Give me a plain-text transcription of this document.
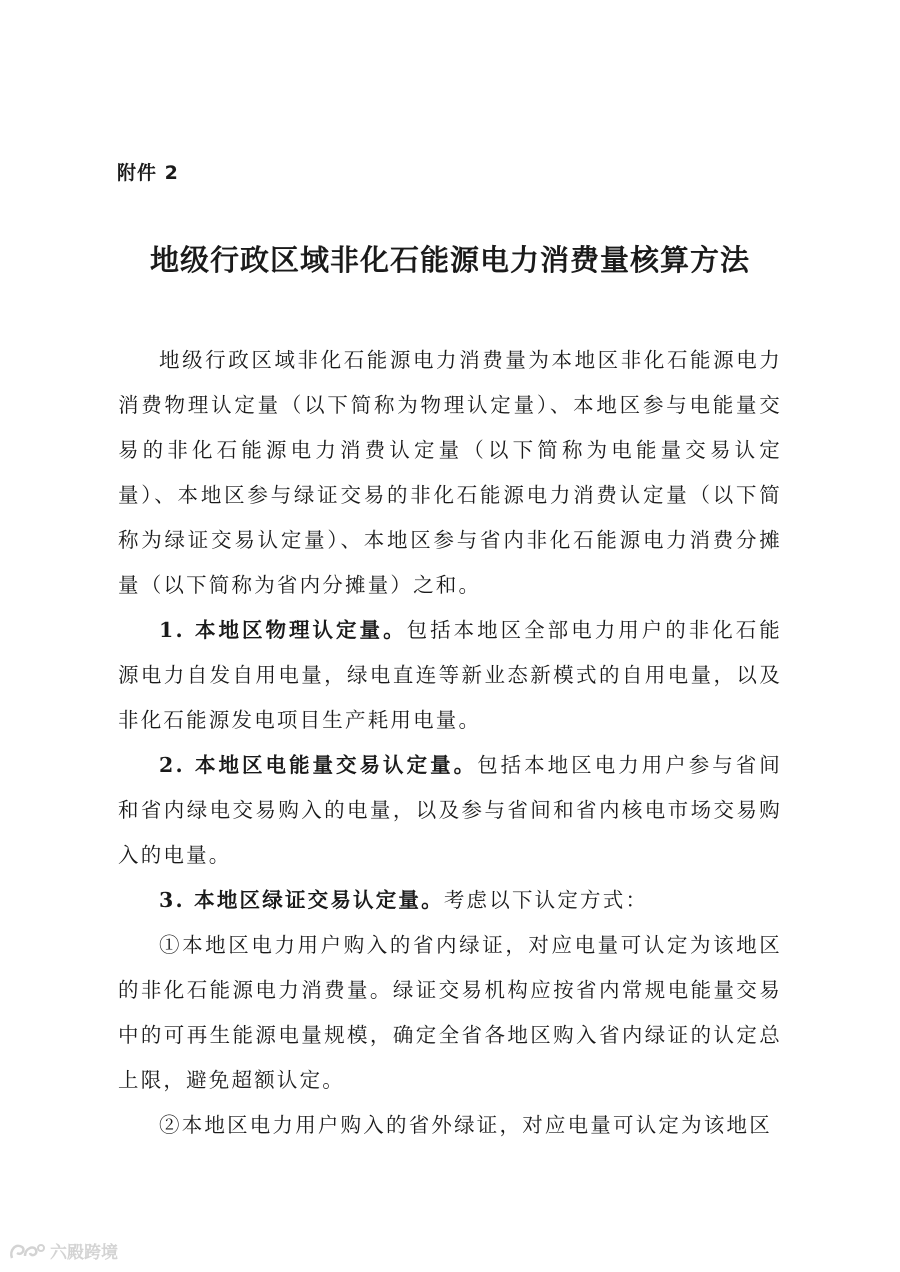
附件 2
地级行政区域非化石能源电力消费量核算方法

地级行政区域非化石能源电力消费量为本地区非化石能源电力消费物理认定量（以下简称为物理认定量）、本地区参与电能量交易的非化石能源电力消费认定量（以下简称为电能量交易认定量）、本地区参与绿证交易的非化石能源电力消费认定量（以下简称为绿证交易认定量）、本地区参与省内非化石能源电力消费分摊量（以下简称为省内分摊量）之和。

1. 本地区物理认定量。包括本地区全部电力用户的非化石能源电力自发自用电量，绿电直连等新业态新模式的自用电量，以及非化石能源发电项目生产耗用电量。

2. 本地区电能量交易认定量。包括本地区电力用户参与省间和省内绿电交易购入的电量，以及参与省间和省内核电市场交易购入的电量。

3. 本地区绿证交易认定量。考虑以下认定方式：

①本地区电力用户购入的省内绿证，对应电量可认定为该地区的非化石能源电力消费量。绿证交易机构应按省内常规电能量交易中的可再生能源电量规模，确定全省各地区购入省内绿证的认定总上限，避免超额认定。

②本地区电力用户购入的省外绿证，对应电量可认定为该地区

六殿跨境
